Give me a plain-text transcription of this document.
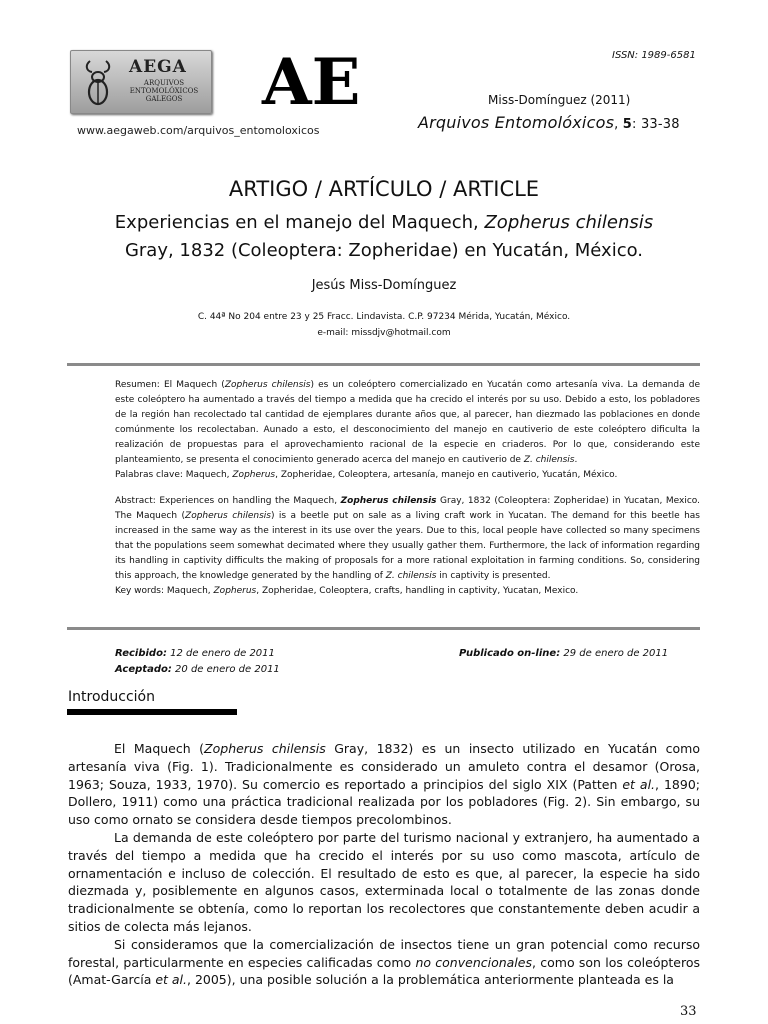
AEGA
ARQUIVOS
ENTOMOLÓXICOS
GALEGOS	AE
www.aegaweb.com/arquivos_entomoloxicos
ISSN: 1989-6581
Miss-Domínguez (2011)
Arquivos Entomolóxicos, 5: 33-38
ARTIGO / ARTÍCULO / ARTICLE
Experiencias en el manejo del Maquech, Zopherus chilensis
Gray, 1832 (Coleoptera: Zopheridae) en Yucatán, México.
Jesús Miss-Domínguez
C. 44ª No 204 entre 23 y 25 Fracc. Lindavista. C.P. 97234 Mérida, Yucatán, México.
e-mail: missdjv@hotmail.com
Resumen: El Maquech (Zopherus chilensis) es un coleóptero comercializado en Yucatán como artesanía viva. La demanda de este coleóptero ha aumentado a través del tiempo a medida que ha crecido el interés por su uso. Debido a esto, los pobladores de la región han recolectado tal cantidad de ejemplares durante años que, al parecer, han diezmado las poblaciones en donde comúnmente los recolectaban. Aunado a esto, el desconocimiento del manejo en cautiverio de este coleóptero dificulta la realización de propuestas para el aprovechamiento racional de la especie en criaderos. Por lo que, considerando este planteamiento, se presenta el conocimiento generado acerca del manejo en cautiverio de Z. chilensis.
Palabras clave: Maquech, Zopherus, Zopheridae, Coleoptera, artesanía, manejo en cautiverio, Yucatán, México.
Abstract: Experiences on handling the Maquech, Zopherus chilensis Gray, 1832 (Coleoptera: Zopheridae) in Yucatan, Mexico. The Maquech (Zopherus chilensis) is a beetle put on sale as a living craft work in Yucatan. The demand for this beetle has increased in the same way as the interest in its use over the years. Due to this, local people have collected so many specimens that the populations seem somewhat decimated where they usually gather them. Furthermore, the lack of information regarding its handling in captivity difficults the making of proposals for a more rational exploitation in farming conditions. So, considering this approach, the knowledge generated by the handling of Z. chilensis in captivity is presented.
Key words: Maquech, Zopherus, Zopheridae, Coleoptera, crafts, handling in captivity, Yucatan, Mexico.
Recibido: 12 de enero de 2011
Aceptado: 20 de enero de 2011
Publicado on-line: 29 de enero de 2011
Introducción

El Maquech (Zopherus chilensis Gray, 1832) es un insecto utilizado en Yucatán como artesanía viva (Fig. 1). Tradicionalmente es considerado un amuleto contra el desamor (Orosa, 1963; Souza, 1933, 1970). Su comercio es reportado a principios del siglo XIX (Patten et al., 1890; Dollero, 1911) como una práctica tradicional realizada por los pobladores (Fig. 2). Sin embargo, su uso como ornato se considera desde tiempos precolombinos.

La demanda de este coleóptero por parte del turismo nacional y extranjero, ha aumentado a través del tiempo a medida que ha crecido el interés por su uso como mascota, artículo de ornamentación e incluso de colección. El resultado de esto es que, al parecer, la especie ha sido diezmada y, posiblemente en algunos casos, exterminada local o totalmente de las zonas donde tradicionalmente se obtenía, como lo reportan los recolectores que constantemente deben acudir a sitios de colecta más lejanos.

Si consideramos que la comercialización de insectos tiene un gran potencial como recurso forestal, particularmente en especies calificadas como no convencionales, como son los coleópteros (Amat-García et al., 2005), una posible solución a la problemática anteriormente planteada es la

33
